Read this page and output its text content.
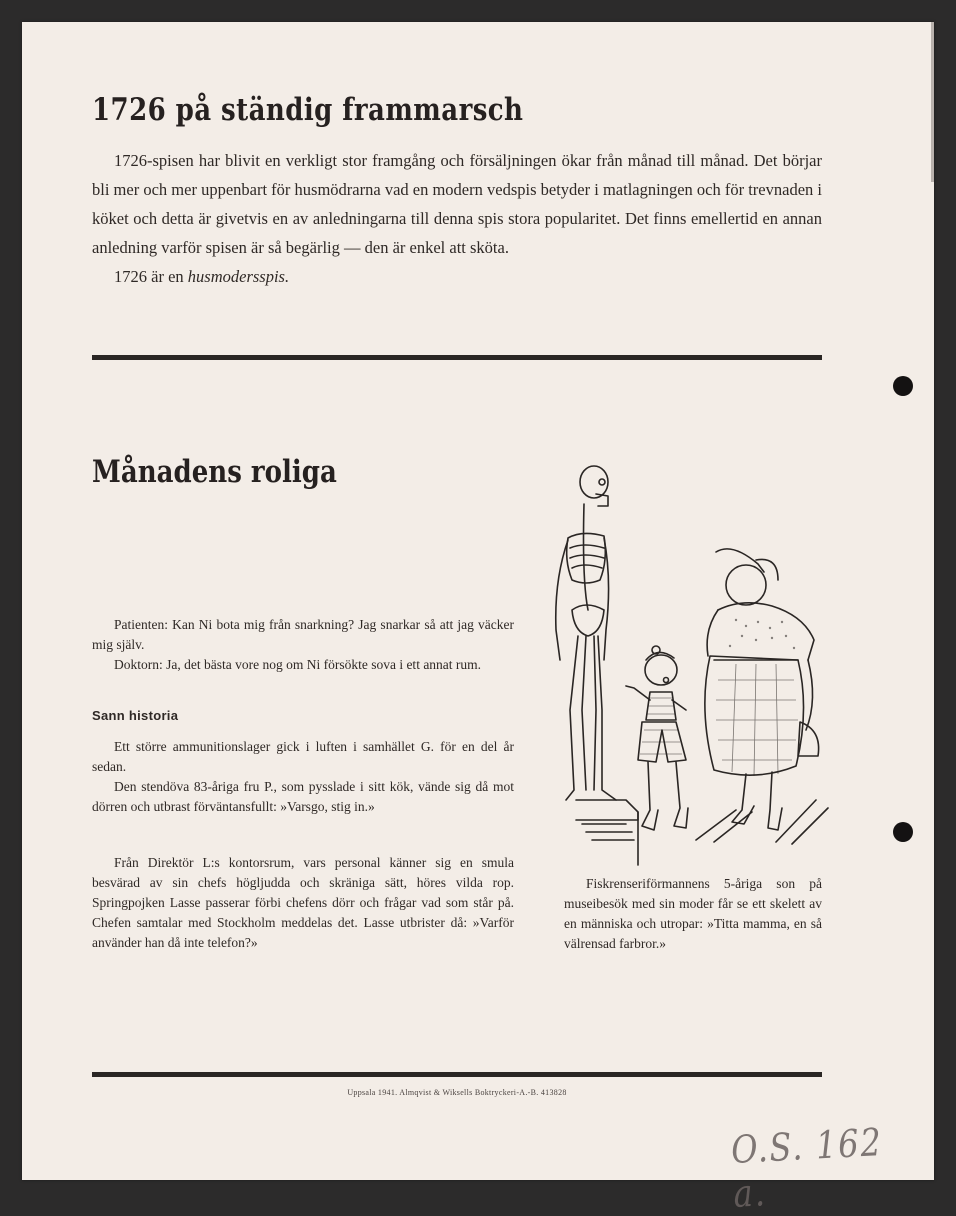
1726 på ständig frammarsch

1726-spisen har blivit en verkligt stor framgång och försäljningen ökar från månad till månad. Det börjar bli mer och mer uppenbart för husmödrarna vad en modern vedspis betyder i matlagningen och för trevnaden i köket och detta är givetvis en av anledningarna till denna spis stora popularitet. Det finns emellertid en annan anledning varför spisen är så begärlig — den är enkel att sköta.

1726 är en husmodersspis.

Månadens roliga

Patienten: Kan Ni bota mig från snarkning? Jag snarkar så att jag väcker mig själv.

Doktorn: Ja, det bästa vore nog om Ni försökte sova i ett annat rum.

Sann historia

Ett större ammunitionslager gick i luften i samhället G. för en del år sedan.

Den stendöva 83-åriga fru P., som pysslade i sitt kök, vände sig då mot dörren och utbrast förväntansfullt: »Varsgo, stig in.»

Från Direktör L:s kontorsrum, vars personal känner sig en smula besvärad av sin chefs högljudda och skräniga sätt, höres vilda rop. Springpojken Lasse passerar förbi chefens dörr och frågar vad som står på. Chefen samtalar med Stockholm meddelas det. Lasse utbrister då: »Varför använder han då inte telefon?»

Fiskrenseriförmannens 5-åriga son på museibesök med sin moder får se ett skelett av en människa och utropar: »Titta mamma, en så välrensad farbror.»

Uppsala 1941. Almqvist & Wiksells Boktryckeri-A.-B. 413828
O.S. 162 a.
